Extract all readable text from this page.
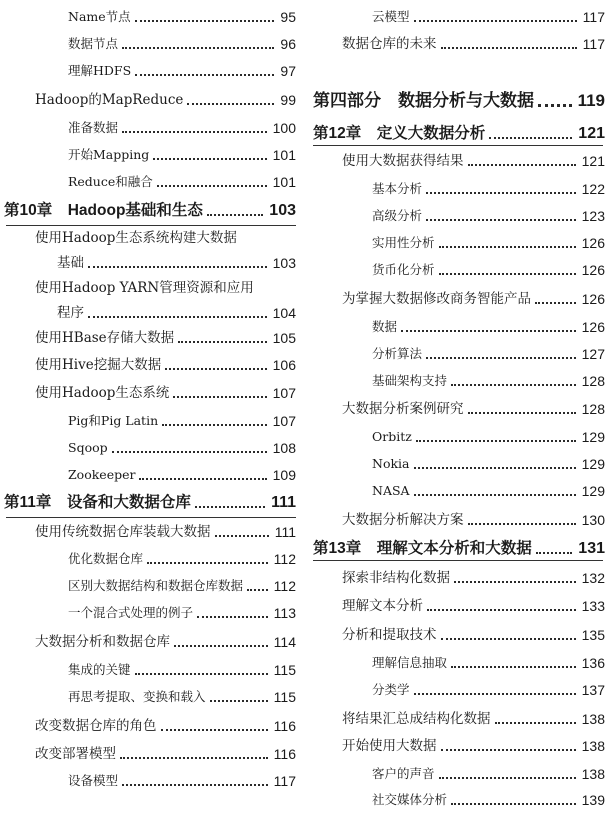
Name节点	95
数据节点	96
理解HDFS	97
Hadoop的MapReduce	99
准备数据	100
开始Mapping	101
Reduce和融合	101
第10章　Hadoop基础和生态	103
使用Hadoop生态系统构建大数据
基础	103
使用Hadoop YARN管理资源和应用
程序	104
使用HBase存储大数据	105
使用Hive挖掘大数据	106
使用Hadoop生态系统	107
Pig和Pig Latin	107
Sqoop	108
Zookeeper	109
第11章　设备和大数据仓库	111
使用传统数据仓库装载大数据	111
优化数据仓库	112
区别大数据结构和数据仓库数据 112
一个混合式处理的例子	113
大数据分析和数据仓库	114
集成的关键	115
再思考提取、变换和载入	115
改变数据仓库的角色	116
改变部署模型	116
设备模型	117
云模型	117
数据仓库的未来	117
第四部分　数据分析与大数据	119
第12章　定义大数据分析	121
使用大数据获得结果	121
基本分析	122
高级分析	123
实用性分析	126
货币化分析	126
为掌握大数据修改商务智能产品	126
数据	126
分析算法	127
基础架构支持	128
大数据分析案例研究	128
Orbitz	129
Nokia	129
NASA	129
大数据分析解决方案	130
第13章　理解文本分析和大数据	131
探索非结构化数据	132
理解文本分析	133
分析和提取技术	135
理解信息抽取	136
分类学	137
将结果汇总成结构化数据	138
开始使用大数据	138
客户的声音	138
社交媒体分析	139
